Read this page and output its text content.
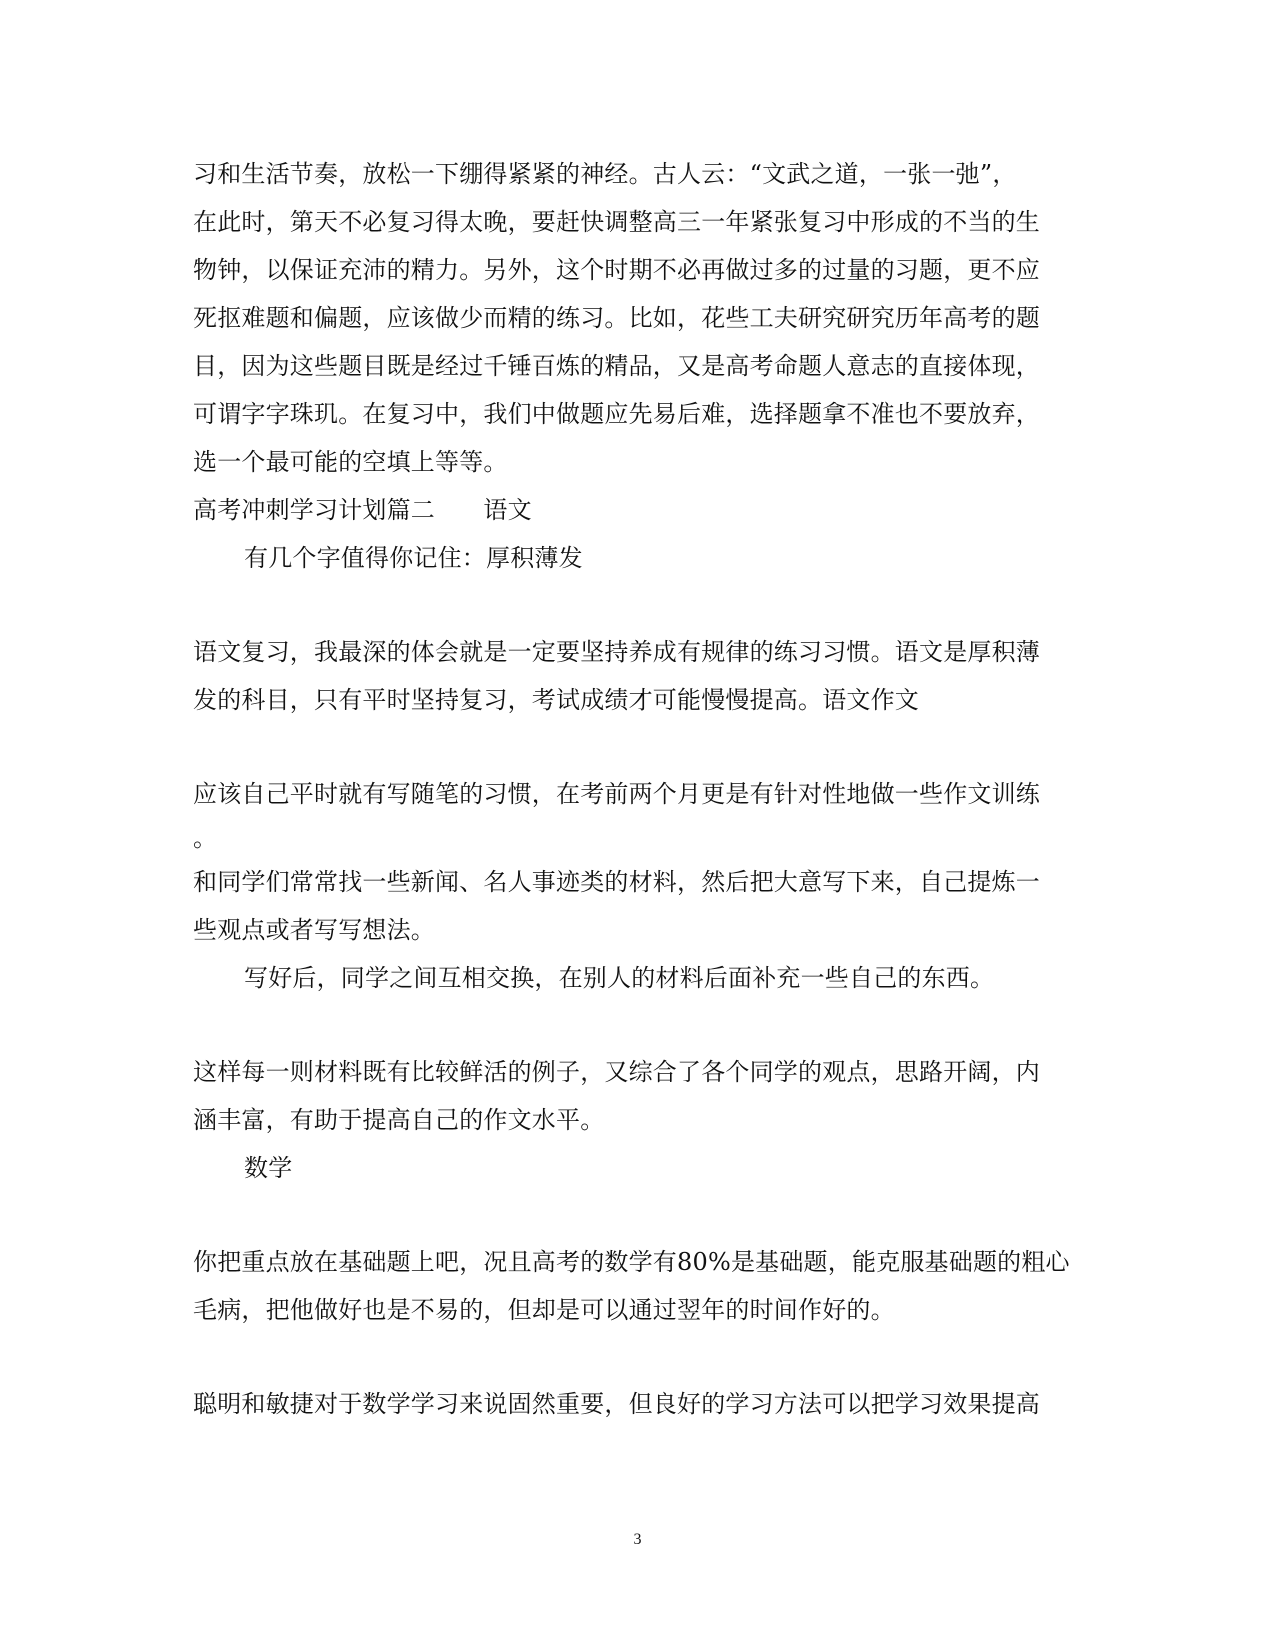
习和生活节奏，放松一下绷得紧紧的神经。古人云：“文武之道，一张一弛”，
在此时，第天不必复习得太晚，要赶快调整高三一年紧张复习中形成的不当的生
物钟，以保证充沛的精力。另外，这个时期不必再做过多的过量的习题，更不应
死抠难题和偏题，应该做少而精的练习。比如，花些工夫研究研究历年高考的题
目，因为这些题目既是经过千锤百炼的精品，又是高考命题人意志的直接体现，
可谓字字珠玑。在复习中，我们中做题应先易后难，选择题拿不准也不要放弃，
选一个最可能的空填上等等。
高考冲刺学习计划篇二　　语文
有几个字值得你记住：厚积薄发
语文复习，我最深的体会就是一定要坚持养成有规律的练习习惯。语文是厚积薄
发的科目，只有平时坚持复习，考试成绩才可能慢慢提高。语文作文
应该自己平时就有写随笔的习惯，在考前两个月更是有针对性地做一些作文训练
。
和同学们常常找一些新闻、名人事迹类的材料，然后把大意写下来，自己提炼一
些观点或者写写想法。
写好后，同学之间互相交换，在别人的材料后面补充一些自己的东西。
这样每一则材料既有比较鲜活的例子，又综合了各个同学的观点，思路开阔，内
涵丰富，有助于提高自己的作文水平。
数学
你把重点放在基础题上吧，况且高考的数学有80%是基础题，能克服基础题的粗心
毛病，把他做好也是不易的，但却是可以通过翌年的时间作好的。
聪明和敏捷对于数学学习来说固然重要，但良好的学习方法可以把学习效果提高
3
